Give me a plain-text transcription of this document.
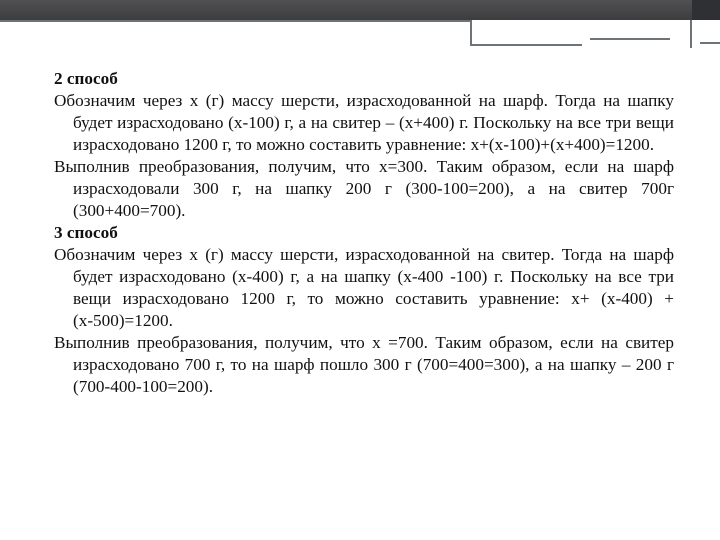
2 способ

Обозначим через х (г) массу шерсти, израсходованной на шарф. Тогда на шапку будет израсходовано (х-100) г, а на свитер – (х+400) г. Поскольку на все три вещи израсходовано 1200 г, то можно составить уравнение: х+(х-100)+(х+400)=1200.

Выполнив преобразования, получим, что х=300. Таким образом, если на шарф израсходовали 300 г, на шапку 200 г (300-100=200), а на свитер 700г (300+400=700).

3 способ

Обозначим через х (г) массу шерсти, израсходованной на свитер. Тогда на шарф будет израсходовано (х-400) г, а на шапку (х-400 -100) г. Поскольку на все три вещи израсходовано 1200 г, то можно составить уравнение: х+ (х-400) + (х-500)=1200.

Выполнив преобразования, получим, что х =700. Таким образом, если на свитер израсходовано 700 г, то на шарф пошло 300 г (700=400=300), а на шапку – 200 г (700-400-100=200).
